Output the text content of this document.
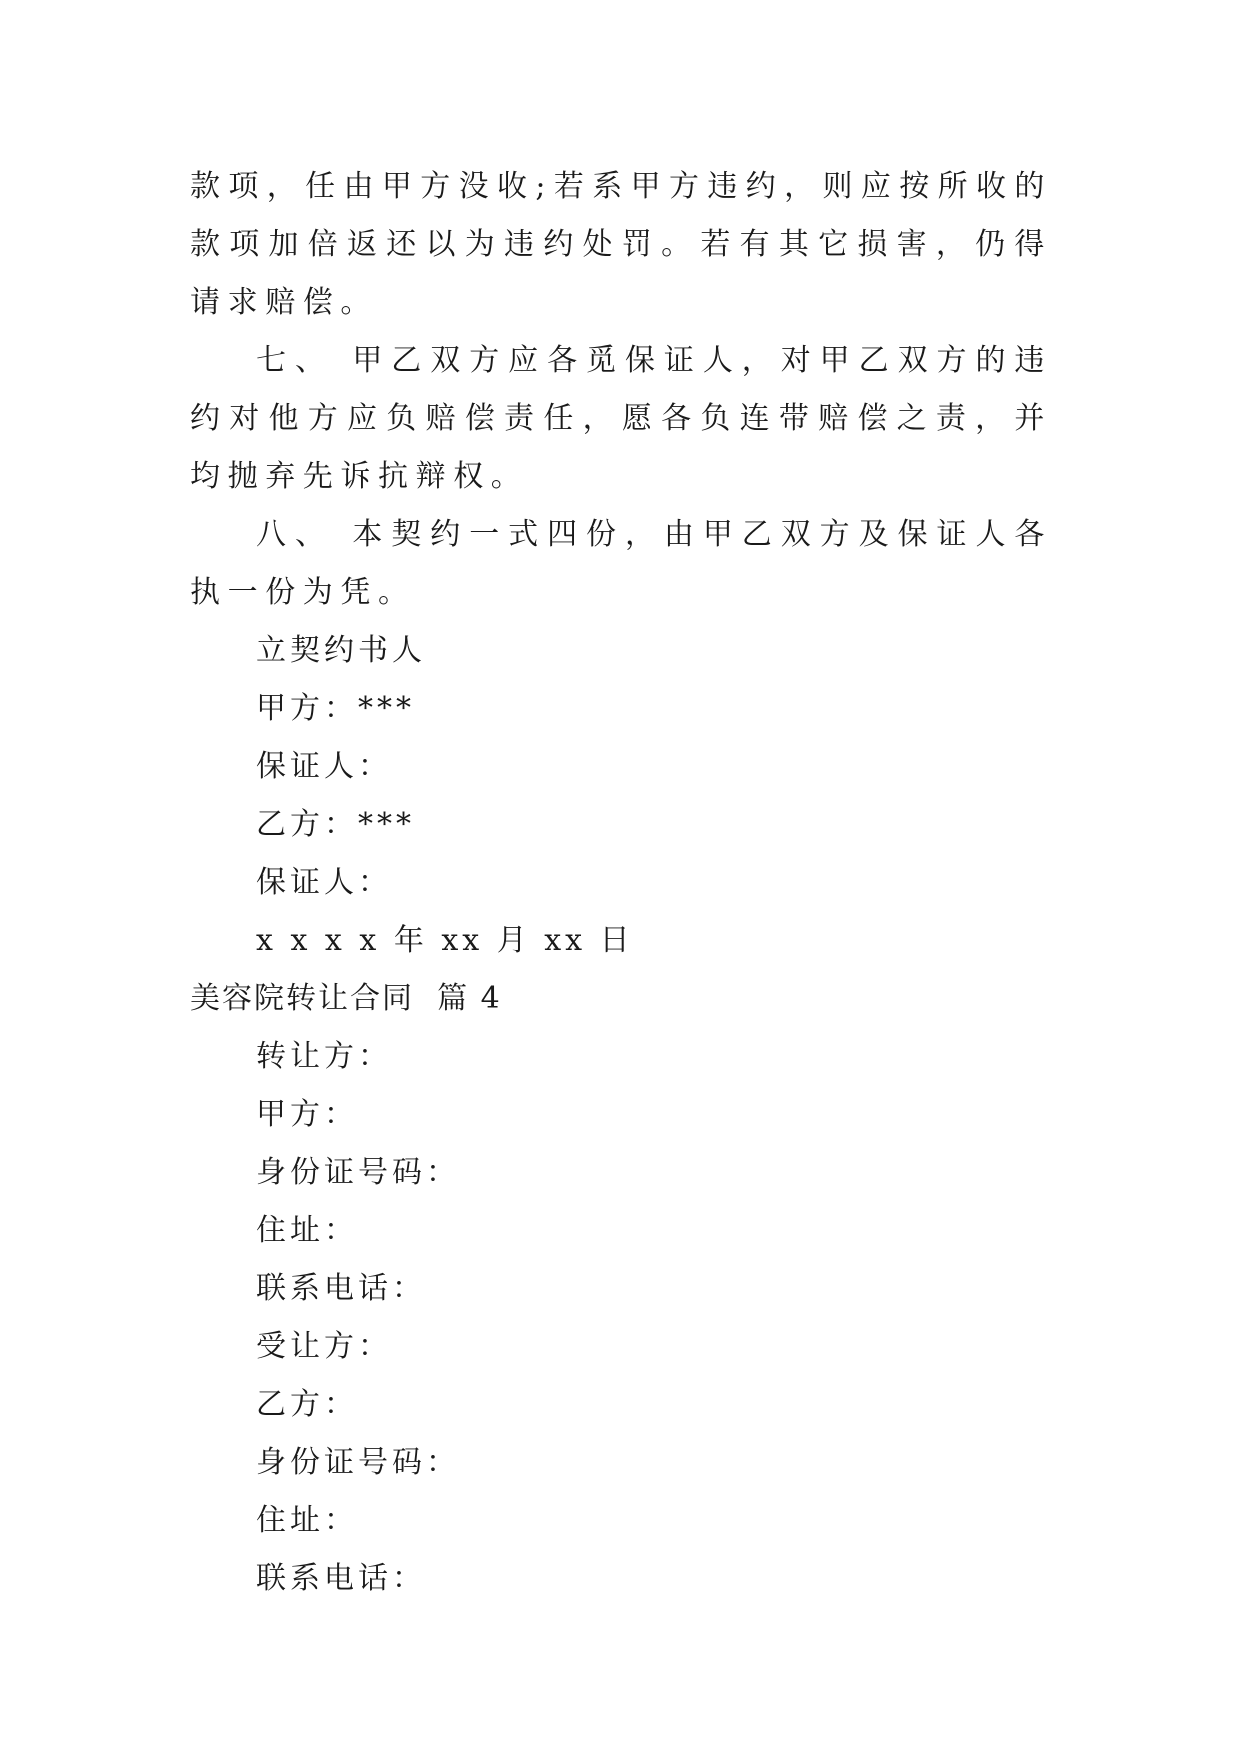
款项，任由甲方没收;若系甲方违约，则应按所收的款项加倍返还以为违约处罚。若有其它损害，仍得请求赔偿。

七、 甲乙双方应各觅保证人，对甲乙双方的违约对他方应负赔偿责任，愿各负连带赔偿之责，并均抛弃先诉抗辩权。

八、 本契约一式四份，由甲乙双方及保证人各执一份为凭。

立契约书人

甲方：***

保证人：

乙方：***

保证人：

x x x x 年 xx 月 xx 日

美容院转让合同  篇 4

转让方：

甲方：

身份证号码：

住址：

联系电话：

受让方：

乙方：

身份证号码：

住址：

联系电话：
